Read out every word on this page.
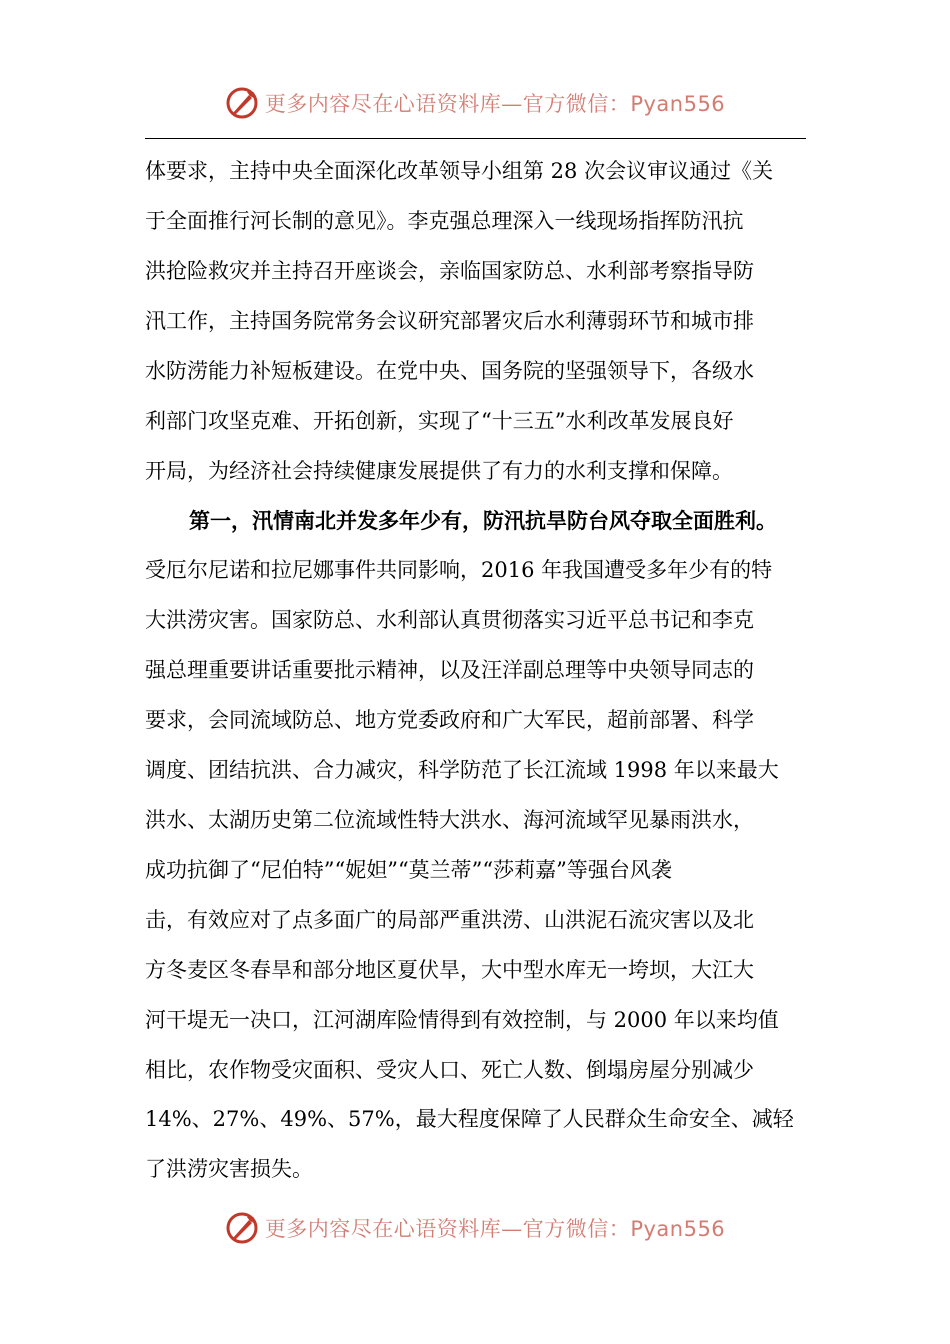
更多内容尽在心语资料库—官方微信：Pyan556
体要求，主持中央全面深化改革领导小组第 28 次会议审议通过《关
于全面推行河长制的意见》。李克强总理深入一线现场指挥防汛抗
洪抢险救灾并主持召开座谈会，亲临国家防总、水利部考察指导防
汛工作，主持国务院常务会议研究部署灾后水利薄弱环节和城市排
水防涝能力补短板建设。在党中央、国务院的坚强领导下，各级水
利部门攻坚克难、开拓创新，实现了“十三五”水利改革发展良好
开局，为经济社会持续健康发展提供了有力的水利支撑和保障。
第一，汛情南北并发多年少有，防汛抗旱防台风夺取全面胜利。
受厄尔尼诺和拉尼娜事件共同影响，2016 年我国遭受多年少有的特
大洪涝灾害。国家防总、水利部认真贯彻落实习近平总书记和李克
强总理重要讲话重要批示精神，以及汪洋副总理等中央领导同志的
要求，会同流域防总、地方党委政府和广大军民，超前部署、科学
调度、团结抗洪、合力减灾，科学防范了长江流域 1998 年以来最大
洪水、太湖历史第二位流域性特大洪水、海河流域罕见暴雨洪水，
成功抗御了“尼伯特”“妮妲”“莫兰蒂”“莎莉嘉”等强台风袭
击，有效应对了点多面广的局部严重洪涝、山洪泥石流灾害以及北
方冬麦区冬春旱和部分地区夏伏旱，大中型水库无一垮坝，大江大
河干堤无一决口，江河湖库险情得到有效控制，与 2000 年以来均值
相比，农作物受灾面积、受灾人口、死亡人数、倒塌房屋分别减少
14%、27%、49%、57%，最大程度保障了人民群众生命安全、减轻
了洪涝灾害损失。
更多内容尽在心语资料库—官方微信：Pyan556
